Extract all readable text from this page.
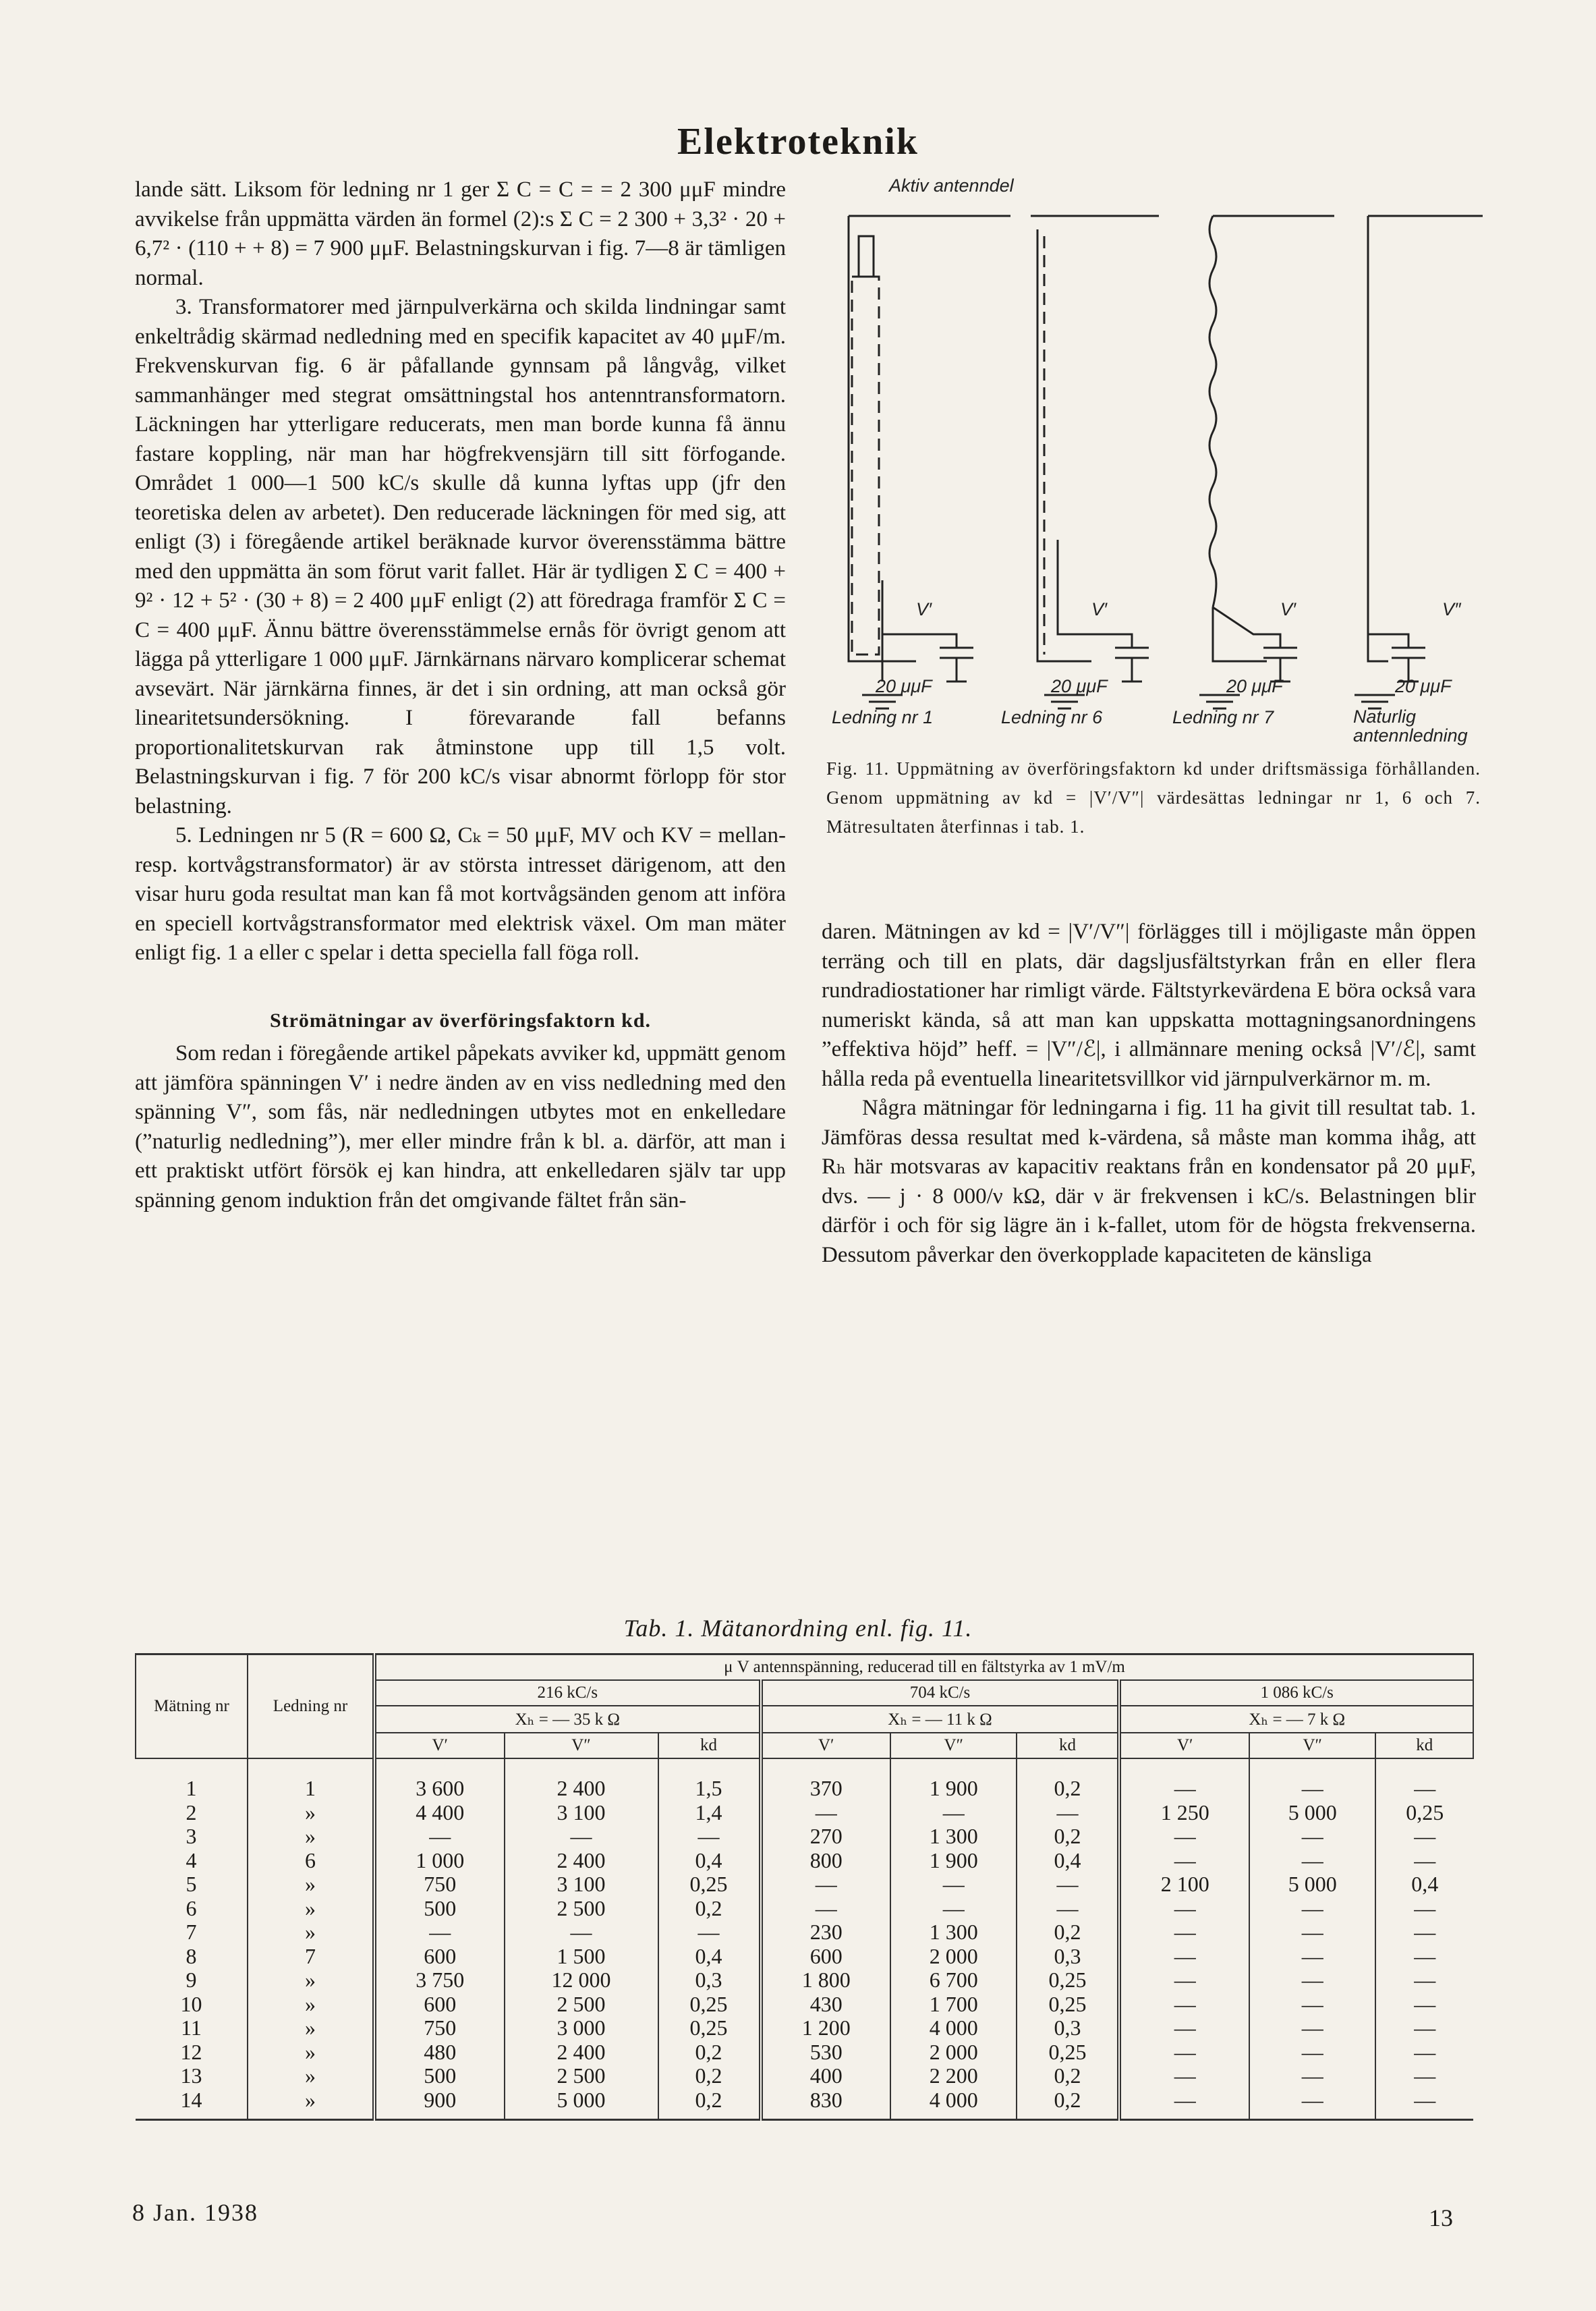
Elektroteknik

lande sätt. Liksom för ledning nr 1 ger Σ C = C = = 2 300 μμF mindre avvikelse från uppmätta värden än formel (2):s Σ C = 2 300 + 3,3² · 20 + 6,7² · (110 + + 8) = 7 900 μμF. Belastningskurvan i fig. 7—8 är tämligen normal.

3. Transformatorer med järnpulverkärna och skilda lindningar samt enkeltrådig skärmad nedledning med en specifik kapacitet av 40 μμF/m. Frekvenskurvan fig. 6 är påfallande gynnsam på långvåg, vilket sammanhänger med stegrat omsättningstal hos antenntransformatorn. Läckningen har ytterligare reducerats, men man borde kunna få ännu fastare koppling, när man har högfrekvensjärn till sitt förfogande. Området 1 000—1 500 kC/s skulle då kunna lyftas upp (jfr den teoretiska delen av arbetet). Den reducerade läckningen för med sig, att enligt (3) i föregående artikel beräknade kurvor överensstämma bättre med den uppmätta än som förut varit fallet. Här är tydligen Σ C = 400 + 9² · 12 + 5² · (30 + 8) = 2 400 μμF enligt (2) att föredraga framför Σ C = C = 400 μμF. Ännu bättre överensstämmelse ernås för övrigt genom att lägga på ytterligare 1 000 μμF. Järnkärnans närvaro komplicerar schemat avsevärt. När järnkärna finnes, är det i sin ordning, att man också gör linearitetsundersökning. I förevarande fall befanns proportionalitetskurvan rak åtminstone upp till 1,5 volt. Belastningskurvan i fig. 7 för 200 kC/s visar abnormt förlopp för stor belastning.

5. Ledningen nr 5 (R = 600 Ω, Cₖ = 50 μμF, MV och KV = mellan- resp. kortvågstransformator) är av största intresset därigenom, att den visar huru goda resultat man kan få mot kortvågsänden genom att införa en speciell kortvågstransformator med elektrisk växel. Om man mäter enligt fig. 1 a eller c spelar i detta speciella fall föga roll.

Strömätningar av överföringsfaktorn kd.

Som redan i föregående artikel påpekats avviker kd, uppmätt genom att jämföra spänningen V′ i nedre änden av en viss nedledning med den spänning V″, som fås, när nedledningen utbytes mot en enkelledare (”naturlig nedledning”), mer eller mindre från k bl. a. därför, att man i ett praktiskt utfört försök ej kan hindra, att enkelledaren själv tar upp spänning genom induktion från det omgivande fältet från sän-

Aktiv antenndel
V′	V′	V′	V″
20 μμF	20 μμF	20 μμF	20 μμF
Ledning nr 1	Ledning nr 6	Ledning nr 7	Naturlig antennledning
Fig. 11. Uppmätning av överföringsfaktorn kd under driftsmässiga förhållanden. Genom uppmätning av kd = |V′/V″| värdesättas ledningar nr 1, 6 och 7. Mätresultaten återfinnas i tab. 1.

daren. Mätningen av kd = |V′/V″| förlägges till i möjligaste mån öppen terräng och till en plats, där dagsljusfältstyrkan från en eller flera rundradiostationer har rimligt värde. Fältstyrkevärdena E böra också vara numeriskt kända, så att man kan uppskatta mottagningsanordningens ”effektiva höjd” heff. = |V″/ℰ|, i allmännare mening också |V′/ℰ|, samt hålla reda på eventuella linearitetsvillkor vid järnpulverkärnor m. m.

Några mätningar för ledningarna i fig. 11 ha givit till resultat tab. 1. Jämföras dessa resultat med k-värdena, så måste man komma ihåg, att Rₕ här motsvaras av kapacitiv reaktans från en kondensator på 20 μμF, dvs. — j · 8 000/ν kΩ, där ν är frekvensen i kC/s. Belastningen blir därför i och för sig lägre än i k-fallet, utom för de högsta frekvenserna. Dessutom påverkar den överkopplade kapaciteten de känsliga

Tab. 1. Mätanordning enl. fig. 11.
Mätning nr	Ledning nr	μ V antennspänning, reducerad till en fältstyrka av 1 mV/m								
		216 kC/s			704 kC/s			1 086 kC/s		
		Xₕ = — 35 k Ω			Xₕ = — 11 k Ω			Xₕ = — 7 k Ω		
		V′	V″	kd	V′	V″	kd	V′	V″	kd
1	1	3 600	2 400	1,5	370	1 900	0,2	—	—	—
2	»	4 400	3 100	1,4	—	—	—	1 250	5 000	0,25
3	»	—	—	—	270	1 300	0,2	—	—	—
4	6	1 000	2 400	0,4	800	1 900	0,4	—	—	—
5	»	750	3 100	0,25	—	—	—	2 100	5 000	0,4
6	»	500	2 500	0,2	—	—	—	—	—	—
7	»	—	—	—	230	1 300	0,2	—	—	—
8	7	600	1 500	0,4	600	2 000	0,3	—	—	—
9	»	3 750	12 000	0,3	1 800	6 700	0,25	—	—	—
10	»	600	2 500	0,25	430	1 700	0,25	—	—	—
11	»	750	3 000	0,25	1 200	4 000	0,3	—	—	—
12	»	480	2 400	0,2	530	2 000	0,25	—	—	—
13	»	500	2 500	0,2	400	2 200	0,2	—	—	—
14	»	900	5 000	0,2	830	4 000	0,2	—	—	—
8 Jan. 1938	13
